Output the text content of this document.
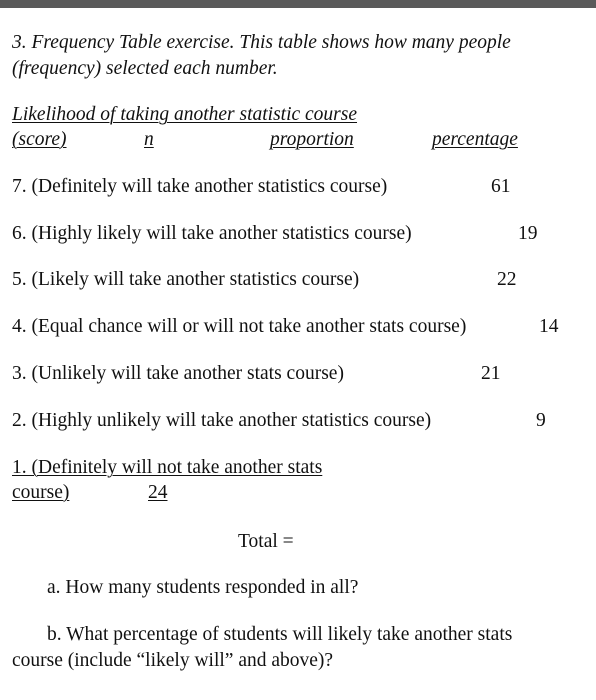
3. Frequency Table exercise. This table shows how many people
(frequency) selected each number.
Likelihood of taking another statistic course
(score)	n	proportion	percentage
7. (Definitely will take another statistics course)	61
6. (Highly likely will take another statistics course)	19
5. (Likely will take another statistics course)	22
4. (Equal chance will or will not take another stats course)	14
3. (Unlikely will take another stats course)	21
2. (Highly unlikely will take another statistics course)	9
1. (Definitely will not take another stats
course)	24
Total =
a. How many students responded in all?
b. What percentage of students will likely take another stats
course (include “likely will” and above)?
